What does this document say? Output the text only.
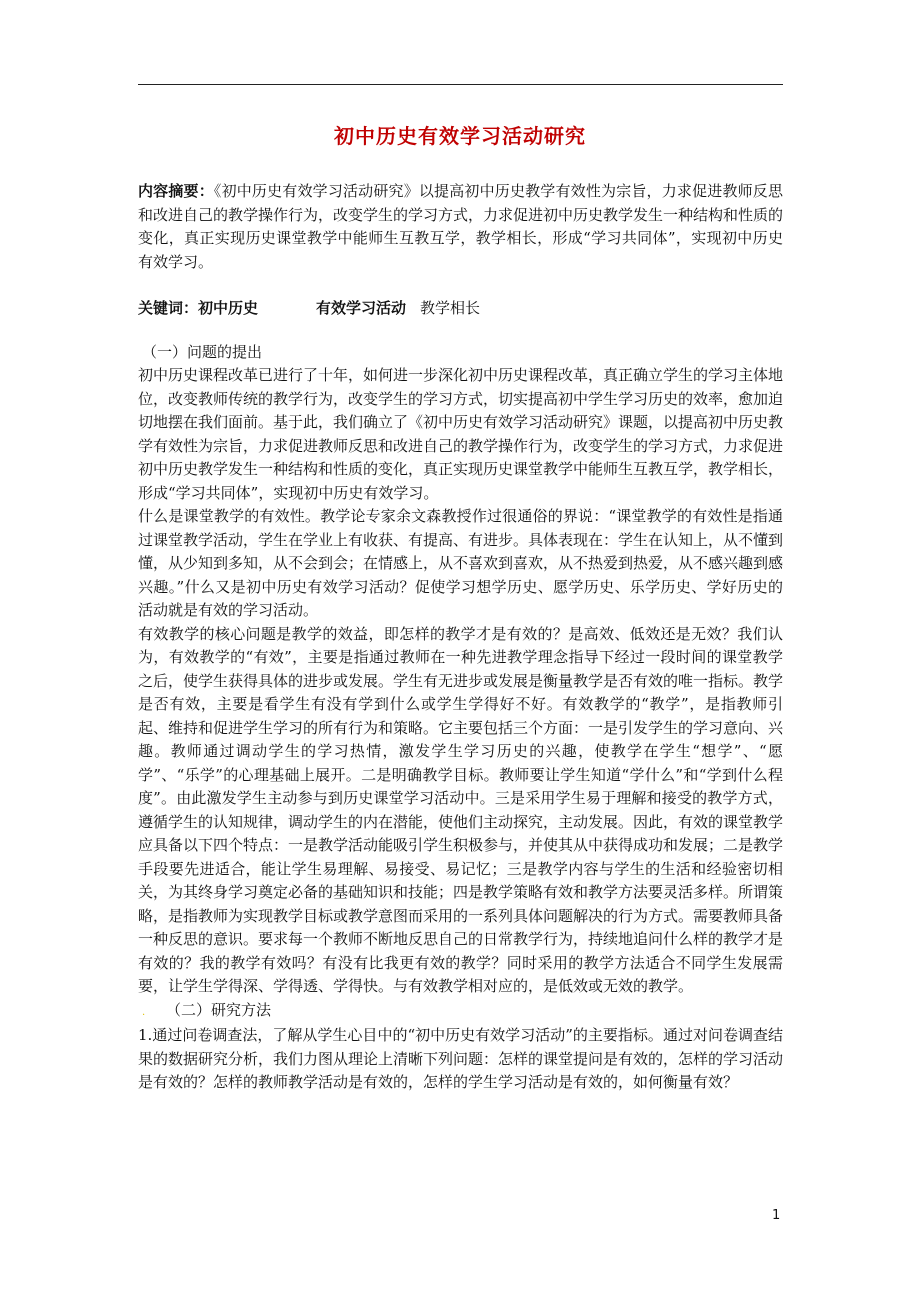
初中历史有效学习活动研究

内容摘要：《初中历史有效学习活动研究》以提高初中历史教学有效性为宗旨，力求促进教师反思和改进自己的教学操作行为，改变学生的学习方式，力求促进初中历史教学发生一种结构和性质的变化，真正实现历史课堂教学中能师生互教互学，教学相长，形成“学习共同体”，实现初中历史有效学习。

关键词：初中历史	有效学习活动 教学相长

（一）问题的提出

初中历史课程改革已进行了十年，如何进一步深化初中历史课程改革，真正确立学生的学习主体地位，改变教师传统的教学行为，改变学生的学习方式，切实提高初中学生学习历史的效率，愈加迫切地摆在我们面前。基于此，我们确立了《初中历史有效学习活动研究》课题，以提高初中历史教学有效性为宗旨，力求促进教师反思和改进自己的教学操作行为，改变学生的学习方式，力求促进初中历史教学发生一种结构和性质的变化，真正实现历史课堂教学中能师生互教互学，教学相长，形成“学习共同体”，实现初中历史有效学习。

什么是课堂教学的有效性。教学论专家余文森教授作过很通俗的界说：“课堂教学的有效性是指通过课堂教学活动，学生在学业上有收获、有提高、有进步。具体表现在：学生在认知上，从不懂到懂，从少知到多知，从不会到会；在情感上，从不喜欢到喜欢，从不热爱到热爱，从不感兴趣到感兴趣。”什么又是初中历史有效学习活动？促使学习想学历史、愿学历史、乐学历史、学好历史的活动就是有效的学习活动。

有效教学的核心问题是教学的效益，即怎样的教学才是有效的？是高效、低效还是无效？我们认为，有效教学的“有效”，主要是指通过教师在一种先进教学理念指导下经过一段时间的课堂教学之后，使学生获得具体的进步或发展。学生有无进步或发展是衡量教学是否有效的唯一指标。教学是否有效，主要是看学生有没有学到什么或学生学得好不好。有效教学的“教学”，是指教师引起、维持和促进学生学习的所有行为和策略。它主要包括三个方面：一是引发学生的学习意向、兴趣。教师通过调动学生的学习热情，激发学生学习历史的兴趣，使教学在学生“想学”、“愿学”、“乐学”的心理基础上展开。二是明确教学目标。教师要让学生知道“学什么”和“学到什么程度”。由此激发学生主动参与到历史课堂学习活动中。三是采用学生易于理解和接受的教学方式，遵循学生的认知规律，调动学生的内在潜能，使他们主动探究，主动发展。因此，有效的课堂教学应具备以下四个特点：一是教学活动能吸引学生积极参与，并使其从中获得成功和发展；二是教学手段要先进适合，能让学生易理解、易接受、易记忆；三是教学内容与学生的生活和经验密切相关，为其终身学习奠定必备的基础知识和技能；四是教学策略有效和教学方法要灵活多样。所谓策略，是指教师为实现教学目标或教学意图而采用的一系列具体问题解决的行为方式。需要教师具备一种反思的意识。要求每一个教师不断地反思自己的日常教学行为，持续地追问什么样的教学才是有效的？我的教学有效吗？有没有比我更有效的教学？同时采用的教学方法适合不同学生发展需要，让学生学得深、学得透、学得快。与有效教学相对应的，是低效或无效的教学。

. （二）研究方法

1.通过问卷调查法，了解从学生心目中的“初中历史有效学习活动”的主要指标。通过对问卷调查结果的数据研究分析，我们力图从理论上清晰下列问题：怎样的课堂提问是有效的，怎样的学习活动是有效的？怎样的教师教学活动是有效的，怎样的学生学习活动是有效的，如何衡量有效？

1
